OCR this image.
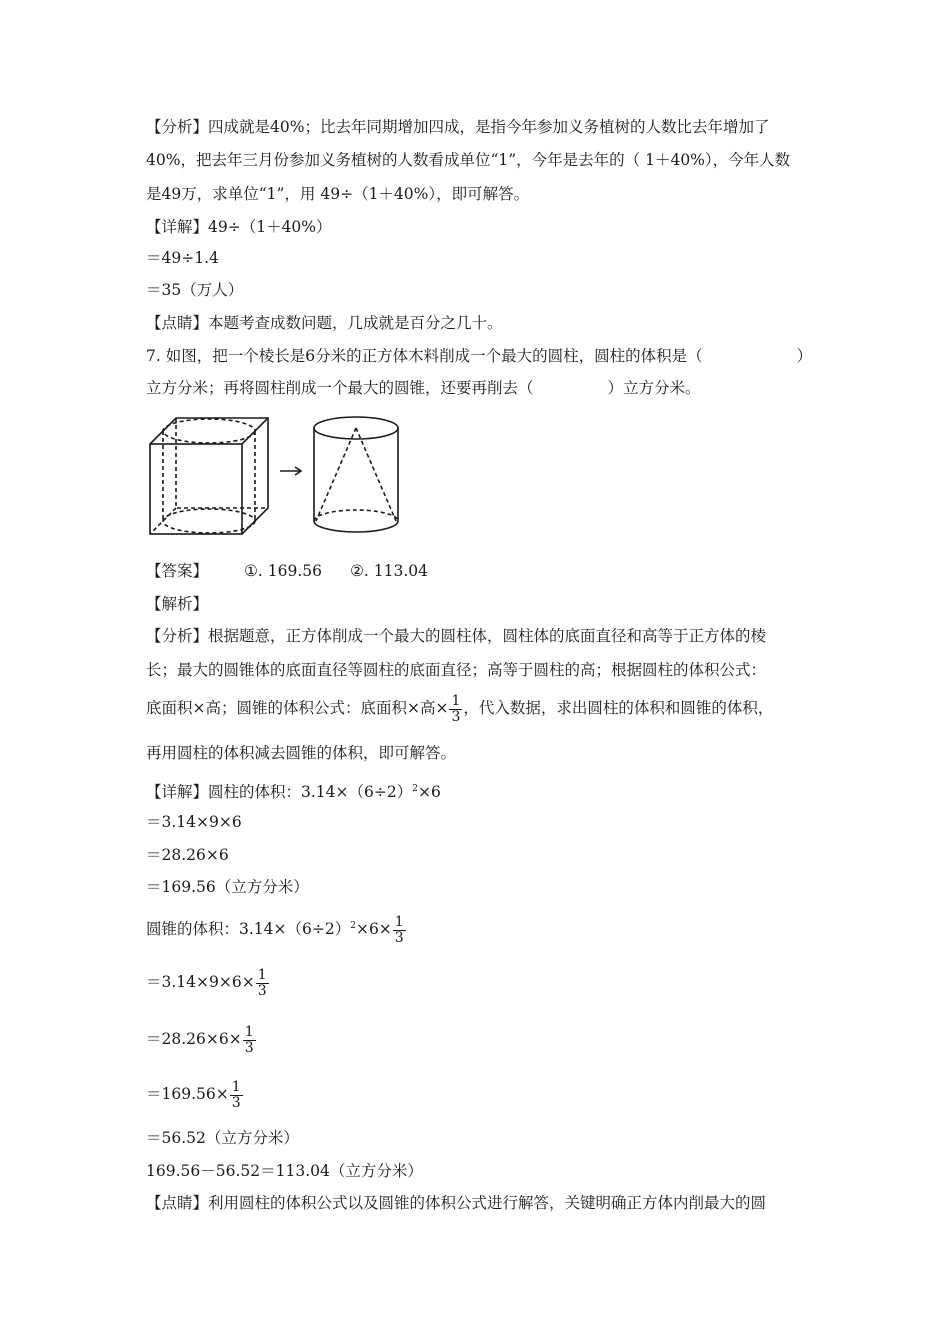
【分析】四成就是40%；比去年同期增加四成，是指今年参加义务植树的人数比去年增加了
40%，把去年三月份参加义务植树的人数看成单位“1”，今年是去年的（ 1＋40%），今年人数
是49万，求单位“1”，用 49÷（1＋40%），即可解答。
【详解】49÷（1＋40%）
＝49÷1.4
＝35（万人）
【点睛】本题考查成数问题，几成就是百分之几十。
7. 如图，把一个棱长是6分米的正方体木料削成一个最大的圆柱，圆柱的体积是（	）
立方分米；再将圆柱削成一个最大的圆锥，还要再削去（	）立方分米。
【答案】 ①. 169.56 ②. 113.04
【解析】
【分析】根据题意，正方体削成一个最大的圆柱体，圆柱体的底面直径和高等于正方体的棱
长；最大的圆锥体的底面直径等圆柱的底面直径；高等于圆柱的高；根据圆柱的体积公式：
底面积×高；圆锥的体积公式：底面积×高× $\frac{1}{3}$ ，代入数据，求出圆柱的体积和圆锥的体积，
再用圆柱的体积减去圆锥的体积，即可解答。
【详解】圆柱的体积：$3.14\times(6\div 2)^2\times 6$
＝3.14×9×6
＝28.26×6
＝169.56（立方分米）
圆锥的体积：$3.14\times(6\div 2)^2\times 6\times \frac{1}{3}$
$=3.14\times 9\times 6\times \frac{1}{3}$
$=28.26\times 6\times \frac{1}{3}$
$=169.56\times \frac{1}{3}$
＝56.52（立方分米）
169.56－56.52＝113.04（立方分米）
【点睛】利用圆柱的体积公式以及圆锥的体积公式进行解答，关键明确正方体内削最大的圆
